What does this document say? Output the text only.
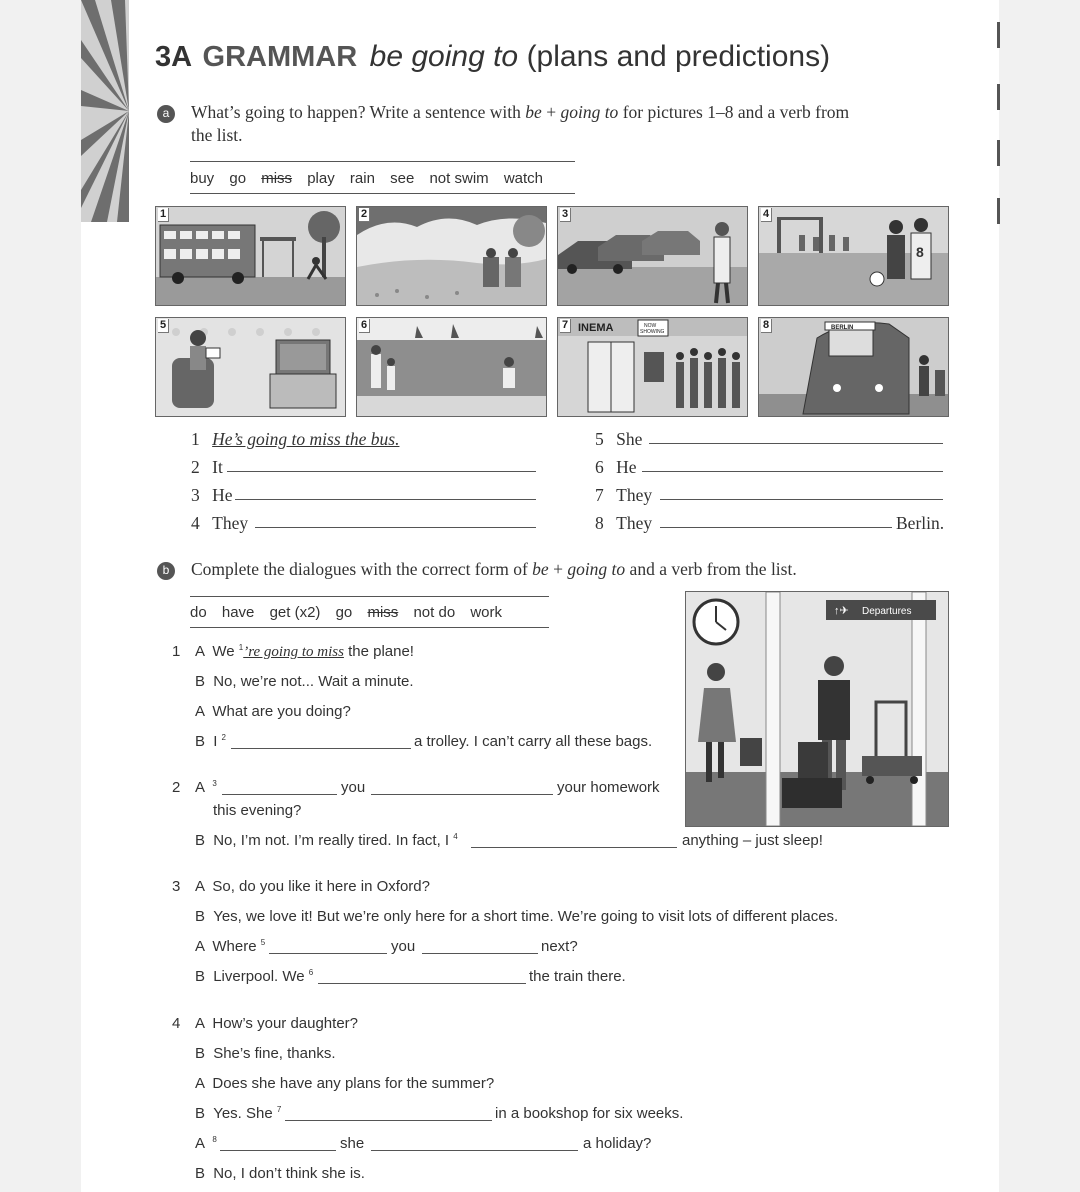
3A GRAMMAR be going to (plans and predictions)
a	What’s going to happen? Write a sentence with be + going to for pictures 1–8 and a verb from
the list.
buy go miss play rain see not swim watch
1	2	3
8
4
5	6	INEMA	NOW
SHOWING
7	BERLIN
8
1 He’s going to miss the bus.
2 It
3 He
4 They
5 She
6 He
7 They
8 They	Berlin.
b	Complete the dialogues with the correct form of be + going to and a verb from the list.
do have get (x2) go miss not do work	↑✈ Departures
1 A We $^1$’re going to miss the plane!
B No, we’re not... Wait a minute.
A What are you doing?
B I $^2$	a trolley. I can’t carry all these bags.
2 A $^3$	you	your homework
this evening?
B No, I’m not. I’m really tired. In fact, I $^4$	anything – just sleep!
3 A So, do you like it here in Oxford?
B Yes, we love it! But we’re only here for a short time. We’re going to visit lots of different places.
A Where $^5$	you	next?
B Liverpool. We $^6$	the train there.
4 A How’s your daughter?
B She’s fine, thanks.
A Does she have any plans for the summer?
B Yes. She $^7$	in a bookshop for six weeks.
A $^8$	she	a holiday?
B No, I don’t think she is.
